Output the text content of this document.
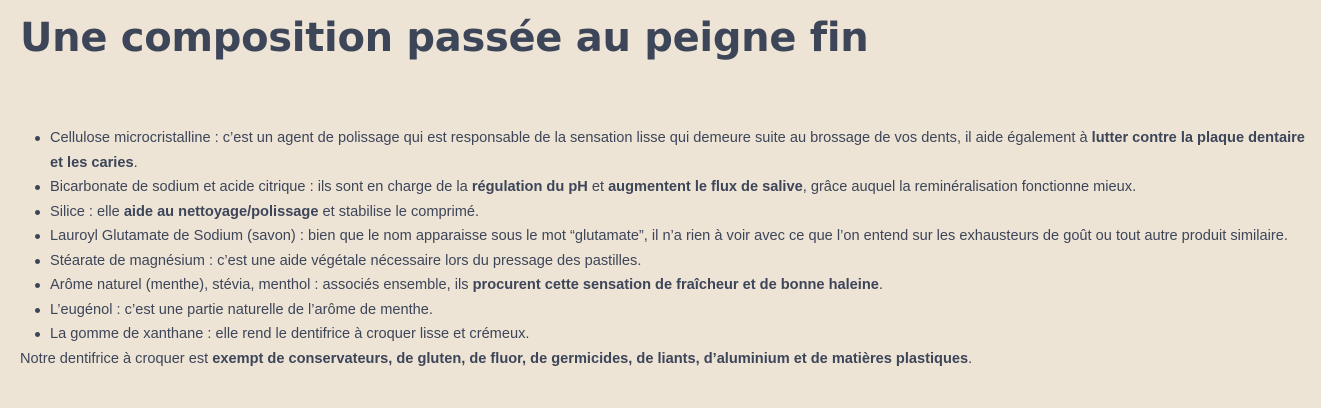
Une composition passée au peigne fin
Cellulose microcristalline : c’est un agent de polissage qui est responsable de la sensation lisse qui demeure suite au brossage de vos dents, il aide également à lutter contre la plaque dentaire et les caries.
Bicarbonate de sodium et acide citrique : ils sont en charge de la régulation du pH et augmentent le flux de salive, grâce auquel la reminéralisation fonctionne mieux.
Silice : elle aide au nettoyage/polissage et stabilise le comprimé.
Lauroyl Glutamate de Sodium (savon) : bien que le nom apparaisse sous le mot “glutamate”, il n’a rien à voir avec ce que l’on entend sur les exhausteurs de goût ou tout autre produit similaire.
Stéarate de magnésium : c’est une aide végétale nécessaire lors du pressage des pastilles.
Arôme naturel (menthe), stévia, menthol : associés ensemble, ils procurent cette sensation de fraîcheur et de bonne haleine.
L’eugénol : c’est une partie naturelle de l’arôme de menthe.
La gomme de xanthane : elle rend le dentifrice à croquer lisse et crémeux.

Notre dentifrice à croquer est exempt de conservateurs, de gluten, de fluor, de germicides, de liants, d’aluminium et de matières plastiques.
